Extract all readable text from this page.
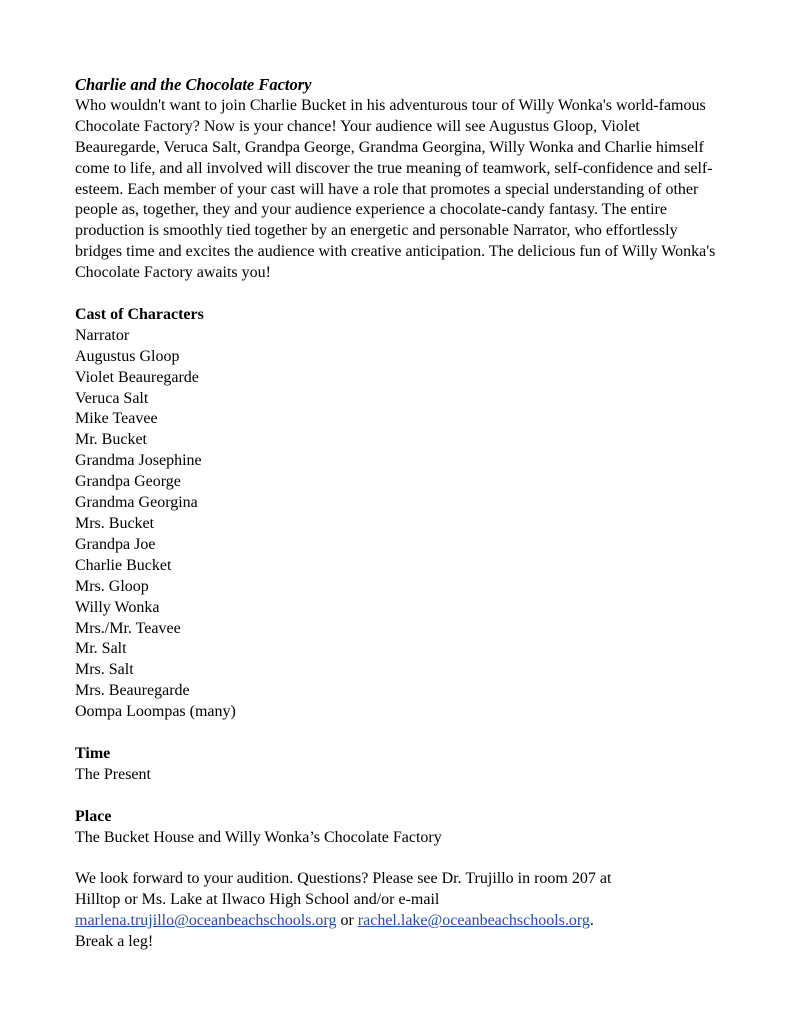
Charlie and the Chocolate Factory

Who wouldn't want to join Charlie Bucket in his adventurous tour of Willy Wonka's world-famous Chocolate Factory? Now is your chance! Your audience will see Augustus Gloop, Violet Beauregarde, Veruca Salt, Grandpa George, Grandma Georgina, Willy Wonka and Charlie himself come to life, and all involved will discover the true meaning of teamwork, self-confidence and self-esteem. Each member of your cast will have a role that promotes a special understanding of other people as, together, they and your audience experience a chocolate-candy fantasy. The entire production is smoothly tied together by an energetic and personable Narrator, who effortlessly bridges time and excites the audience with creative anticipation. The delicious fun of Willy Wonka's Chocolate Factory awaits you!

Cast of Characters

Narrator
Augustus Gloop
Violet Beauregarde
Veruca Salt
Mike Teavee
Mr. Bucket
Grandma Josephine
Grandpa George
Grandma Georgina
Mrs. Bucket
Grandpa Joe
Charlie Bucket
Mrs. Gloop
Willy Wonka
Mrs./Mr. Teavee
Mr. Salt
Mrs. Salt
Mrs. Beauregarde
Oompa Loompas (many)

Time

The Present

Place

The Bucket House and Willy Wonka’s Chocolate Factory

We look forward to your audition. Questions? Please see Dr. Trujillo in room 207 at

Hilltop or Ms. Lake at Ilwaco High School and/or e-mail

marlena.trujillo@oceanbeachschools.org or rachel.lake@oceanbeachschools.org.

Break a leg!
